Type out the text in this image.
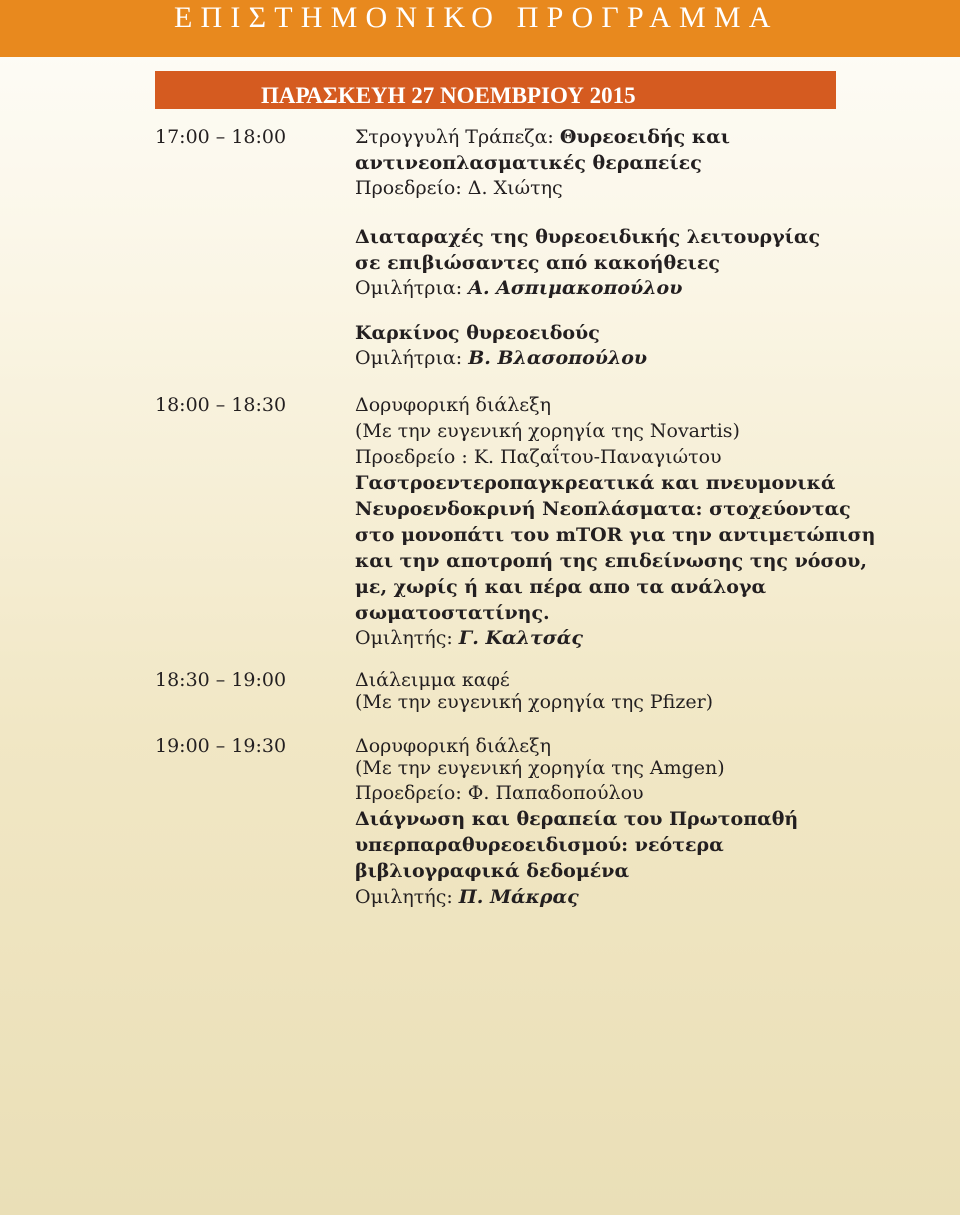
ΕΠΙΣΤΗΜΟΝΙΚΟ ΠΡΟΓΡΑΜΜΑ
ΠΑΡΑΣΚΕΥΗ 27 ΝΟΕΜΒΡΙΟΥ 2015
17:00 – 18:00	Στρογγυλή Τράπεζα: Θυρεοειδής και
αντινεοπλασματικές θεραπείες
Προεδρείο: Δ. Χιώτης
Διαταραχές της θυρεοειδικής λειτουργίας
σε επιβιώσαντες από κακοήθειες
Ομιλήτρια: Α. Ασπιμακοπούλου
Καρκίνος θυρεοειδούς
Ομιλήτρια: Β. Βλασοπούλου
18:00 – 18:30	Δορυφορική διάλεξη
(Με την ευγενική χορηγία της Novartis)
Προεδρείο : Κ. Παζαΐτου-Παναγιώτου
Γαστροεντεροπαγκρεατικά και πνευμονικά
Νευροενδοκρινή Νεοπλάσματα: στοχεύοντας
στο μονοπάτι του mTOR για την αντιμετώπιση
και την αποτροπή της επιδείνωσης της νόσου,
με, χωρίς ή και πέρα απο τα ανάλογα
σωματοστατίνης.
Ομιλητής: Γ. Καλτσάς
18:30 – 19:00	Διάλειμμα καφέ
(Με την ευγενική χορηγία της Pfizer)
19:00 – 19:30	Δορυφορική διάλεξη
(Με την ευγενική χορηγία της Amgen)
Προεδρείο: Φ. Παπαδοπούλου
Διάγνωση και θεραπεία του Πρωτοπαθή
υπερπαραθυρεοειδισμού: νεότερα
βιβλιογραφικά δεδομένα
Ομιλητής: Π. Μάκρας
